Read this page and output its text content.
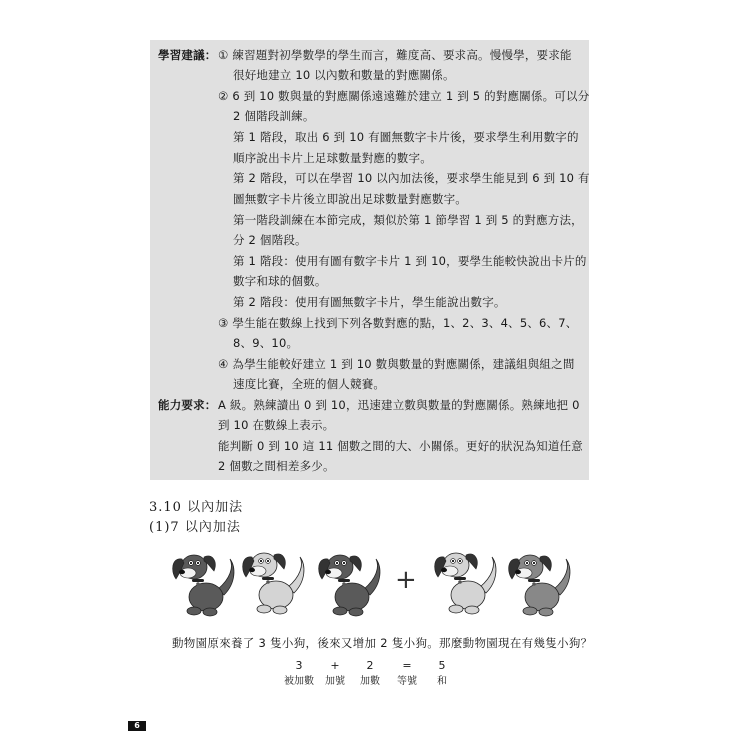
學習建議： ① 練習題對初學數學的學生而言，難度高、要求高。慢慢學，要求能
很好地建立 10 以內數和數量的對應關係。
② 6 到 10 數與量的對應關係遠遠難於建立 1 到 5 的對應關係。可以分
2 個階段訓練。
第 1 階段，取出 6 到 10 有圖無數字卡片後，要求學生利用數字的
順序說出卡片上足球數量對應的數字。
第 2 階段，可以在學習 10 以內加法後，要求學生能見到 6 到 10 有
圖無數字卡片後立即說出足球數量對應數字。
第一階段訓練在本節完成，類似於第 1 節學習 1 到 5 的對應方法，
分 2 個階段。
第 1 階段：使用有圖有數字卡片 1 到 10，要學生能較快說出卡片的
數字和球的個數。
第 2 階段：使用有圖無數字卡片，學生能說出數字。
③ 學生能在數線上找到下列各數對應的點，1、2、3、4、5、6、7、
8、9、10。
④ 為學生能較好建立 1 到 10 數與數量的對應關係，建議組與組之間
速度比賽，全班的個人競賽。
能力要求： A 級。熟練讀出 0 到 10，迅速建立數與數量的對應關係。熟練地把 0
到 10 在數線上表示。
能判斷 0 到 10 這 11 個數之間的大、小關係。更好的狀況為知道任意
2 個數之間相差多少。
3.10 以內加法
(1)7 以內加法
+
動物園原來養了 3 隻小狗，後來又增加 2 隻小狗。那麼動物園現在有幾隻小狗？
3	+	2	=	5
被加數	加號	加數	等號	和
6
